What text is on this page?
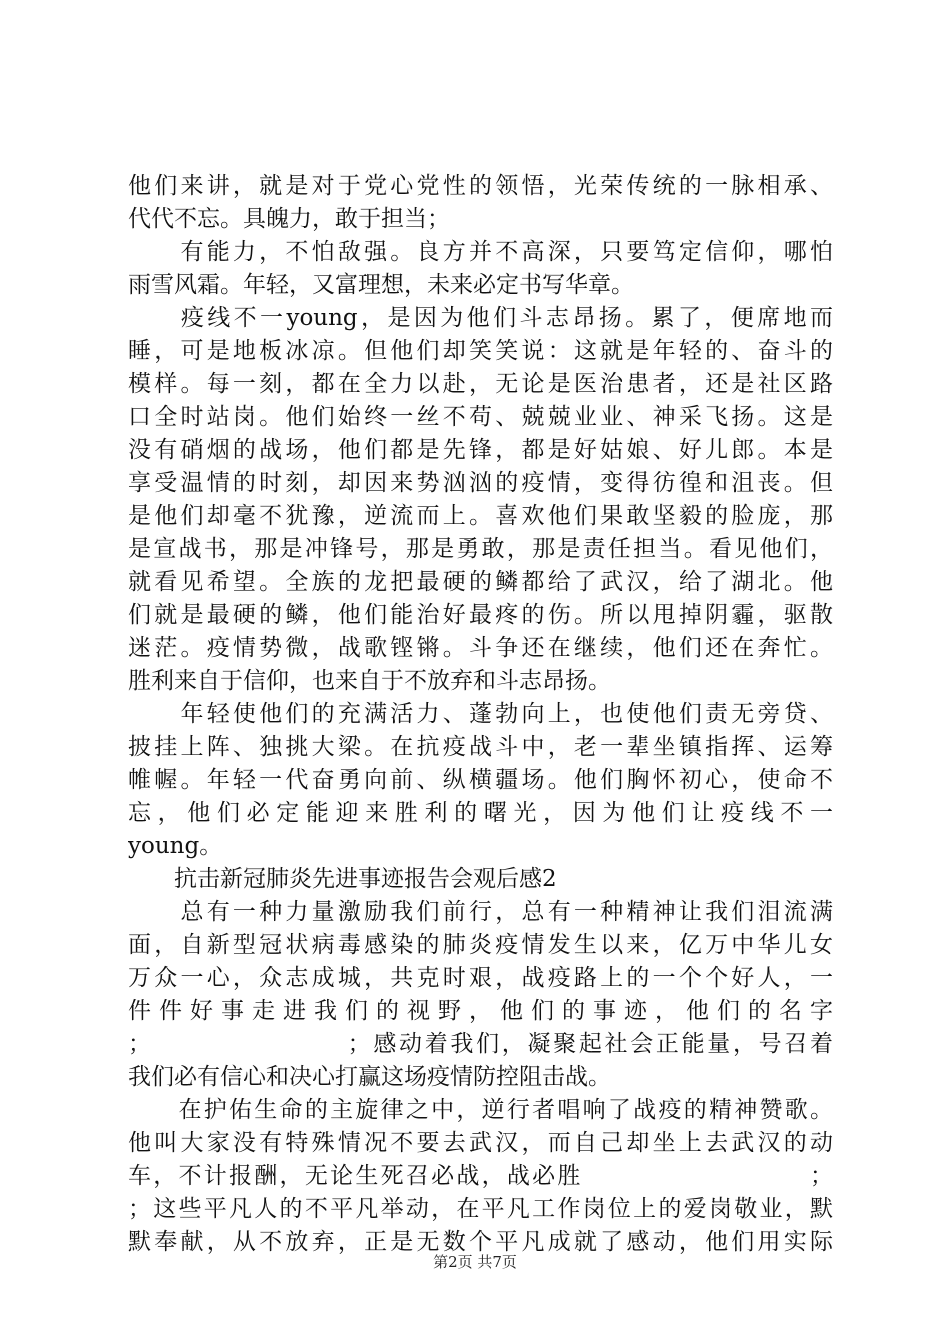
他们来讲，就是对于党心党性的领悟，光荣传统的一脉相承、
代代不忘。具魄力，敢于担当；
　　有能力，不怕敌强。良方并不高深，只要笃定信仰，哪怕
雨雪风霜。年轻，又富理想，未来必定书写华章。
　　疫线不一young，是因为他们斗志昂扬。累了，便席地而
睡，可是地板冰凉。但他们却笑笑说：这就是年轻的、奋斗的
模样。每一刻，都在全力以赴，无论是医治患者，还是社区路
口全时站岗。他们始终一丝不苟、兢兢业业、神采飞扬。这是
没有硝烟的战场，他们都是先锋，都是好姑娘、好儿郎。本是
享受温情的时刻，却因来势汹汹的疫情，变得彷徨和沮丧。但
是他们却毫不犹豫，逆流而上。喜欢他们果敢坚毅的脸庞，那
是宣战书，那是冲锋号，那是勇敢，那是责任担当。看见他们，
就看见希望。全族的龙把最硬的鳞都给了武汉，给了湖北。他
们就是最硬的鳞，他们能治好最疼的伤。所以甩掉阴霾，驱散
迷茫。疫情势微，战歌铿锵。斗争还在继续，他们还在奔忙。
胜利来自于信仰，也来自于不放弃和斗志昂扬。
　　年轻使他们的充满活力、蓬勃向上，也使他们责无旁贷、
披挂上阵、独挑大梁。在抗疫战斗中，老一辈坐镇指挥、运筹
帷幄。年轻一代奋勇向前、纵横疆场。他们胸怀初心，使命不
忘，他们必定能迎来胜利的曙光，因为他们让疫线不一
young。
　　抗击新冠肺炎先进事迹报告会观后感2
　　总有一种力量激励我们前行，总有一种精神让我们泪流满
面，自新型冠状病毒感染的肺炎疫情发生以来，亿万中华儿女
万众一心，众志成城，共克时艰，战疫路上的一个个好人，一
件件好事走进我们的视野，他们的事迹，他们的名字
；　　　　　　　　；感动着我们，凝聚起社会正能量，号召着
我们必有信心和决心打赢这场疫情防控阻击战。
　　在护佑生命的主旋律之中，逆行者唱响了战疫的精神赞歌。
他叫大家没有特殊情况不要去武汉，而自己却坐上去武汉的动
车，不计报酬，无论生死召必战，战必胜　　　　　　　　　；
；这些平凡人的不平凡举动，在平凡工作岗位上的爱岗敬业，默
默奉献，从不放弃，正是无数个平凡成就了感动，他们用实际
第2页 共7页
